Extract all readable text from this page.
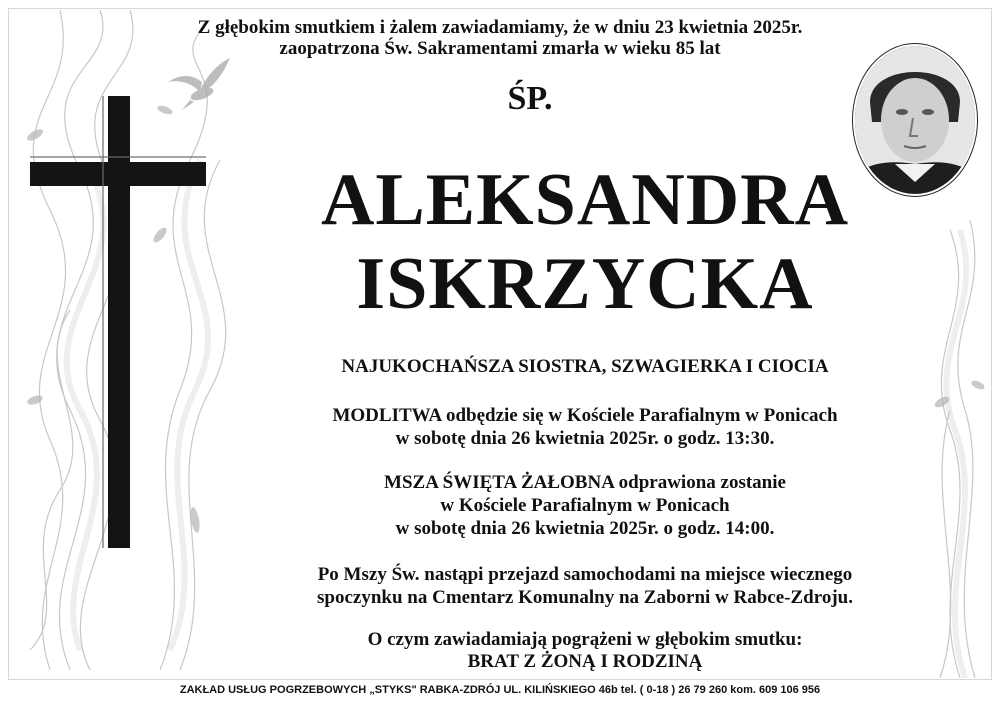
Z głębokim smutkiem i żalem zawiadamiamy, że w dniu 23 kwietnia 2025r.
zaopatrzona Św. Sakramentami zmarła w wieku 85 lat
ŚP.
ALEKSANDRA
ISKRZYCKA
NAJUKOCHAŃSZA SIOSTRA, SZWAGIERKA I CIOCIA
MODLITWA odbędzie się w Kościele Parafialnym w Ponicach
w sobotę dnia 26 kwietnia 2025r. o godz. 13:30.
MSZA ŚWIĘTA ŻAŁOBNA odprawiona zostanie
w Kościele Parafialnym w Ponicach
w sobotę dnia 26 kwietnia 2025r. o godz. 14:00.
Po Mszy Św. nastąpi przejazd samochodami na miejsce wiecznego
spoczynku na Cmentarz Komunalny na Zaborni w Rabce-Zdroju.
O czym zawiadamiają pogrążeni w głębokim smutku:
BRAT Z ŻONĄ I RODZINĄ
ZAKŁAD USŁUG POGRZEBOWYCH „STYKS" RABKA-ZDRÓJ UL. KILIŃSKIEGO 46b tel. ( 0-18 ) 26 79 260 kom. 609 106 956
